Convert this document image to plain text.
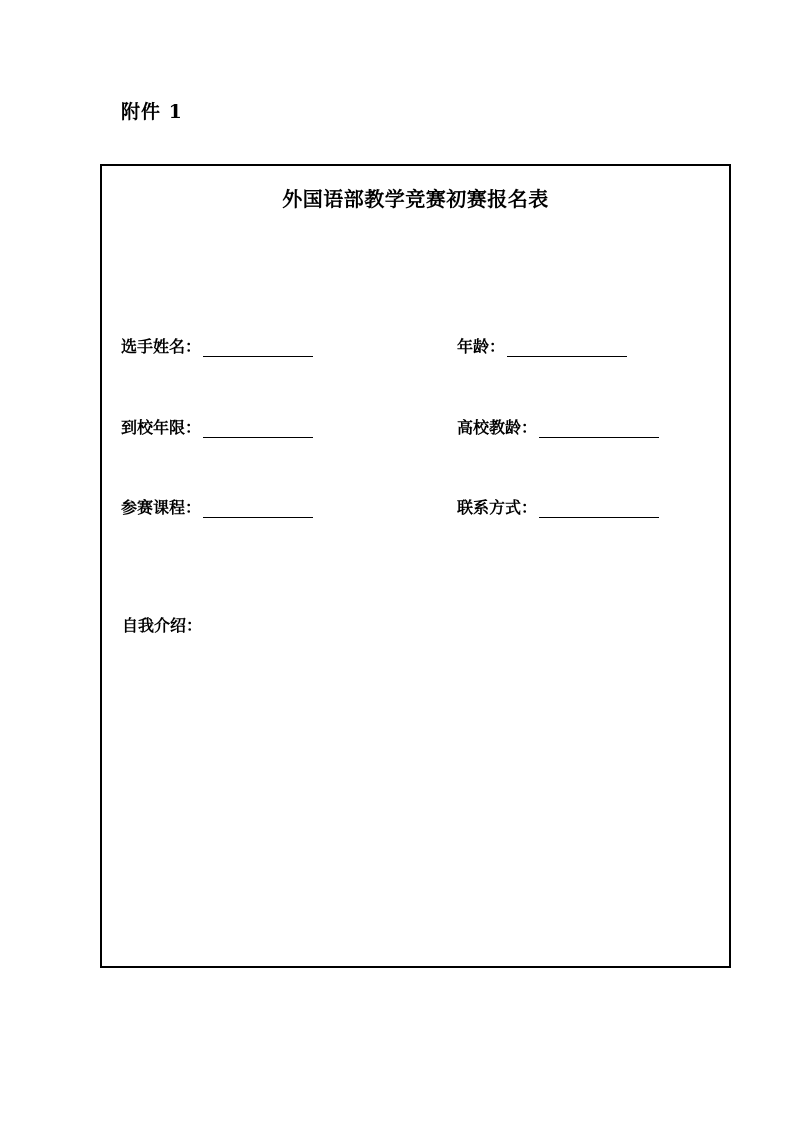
附件 1
外国语部教学竞赛初赛报名表
选手姓名：	年龄：
到校年限：	高校教龄：
参赛课程：	联系方式：
自我介绍：
